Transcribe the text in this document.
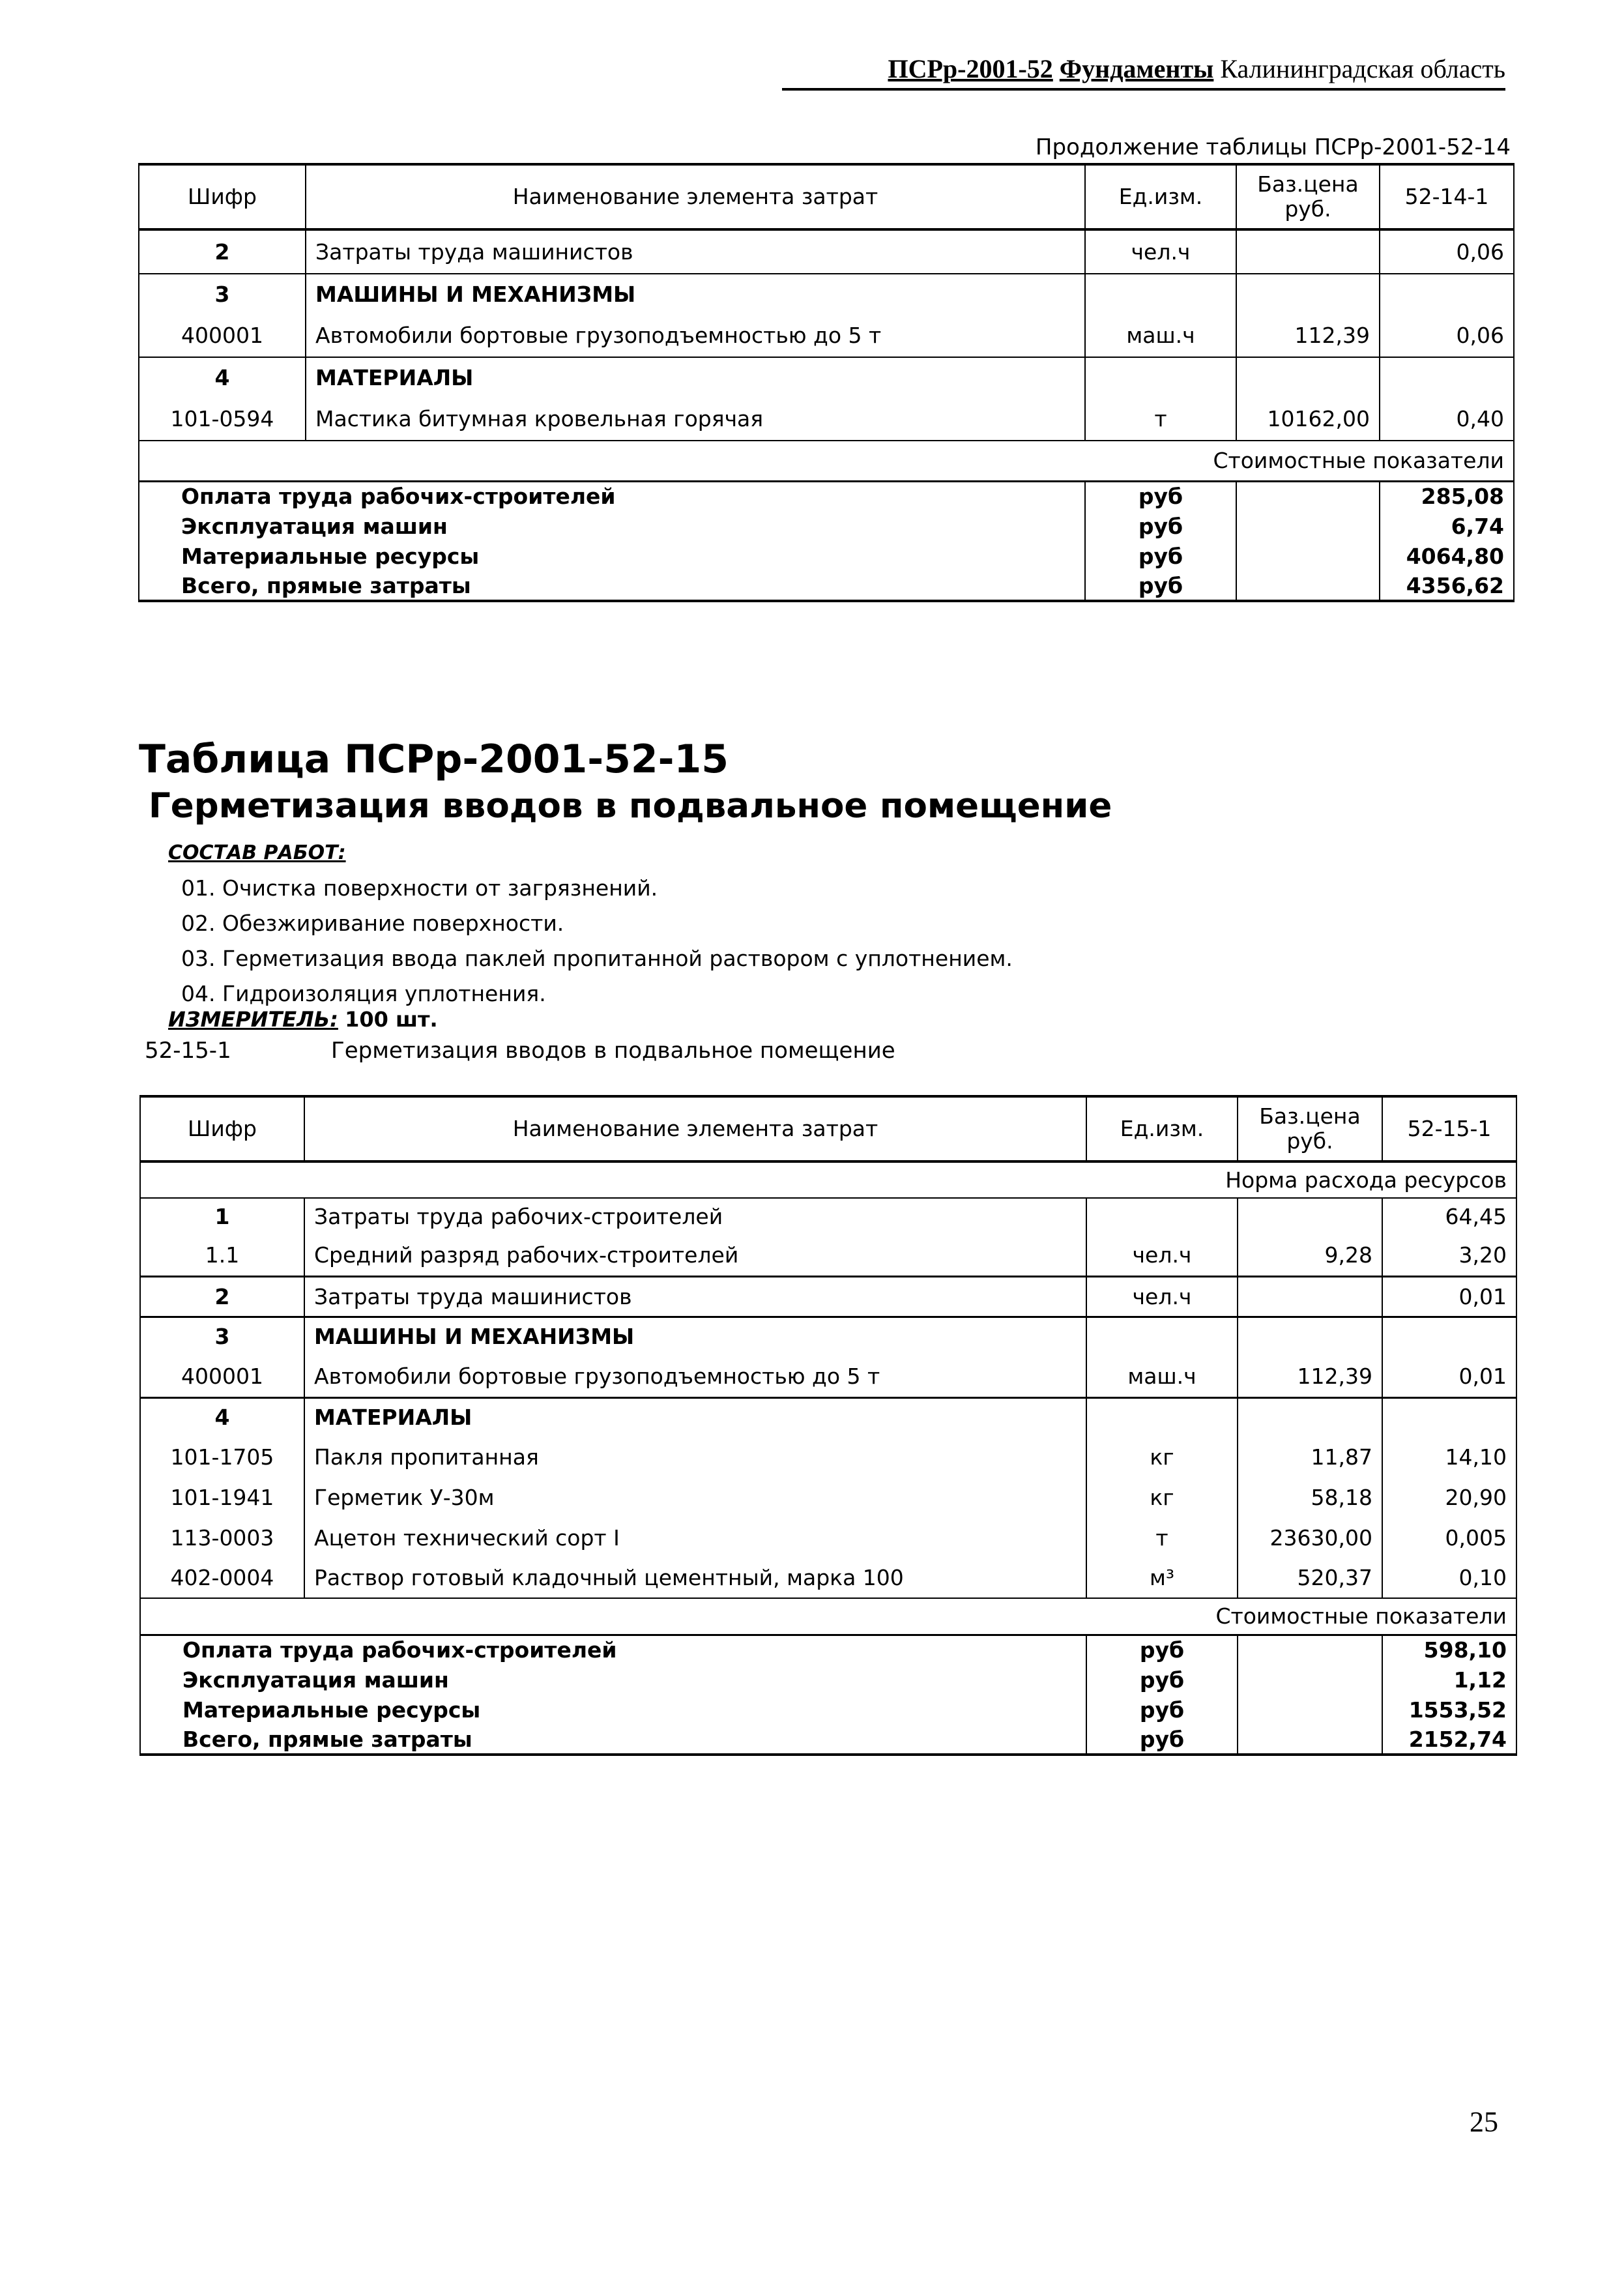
ПСРр-2001-52 Фундаменты Калининградская область
Продолжение таблицы ПСРр-2001-52-14
Шифр	Наименование элемента затрат	Ед.изм.	Баз.цена руб.	52-14-1
2	Затраты труда машинистов	чел.ч		0,06
3	МАШИНЫ И МЕХАНИЗМЫ			
400001	Автомобили бортовые грузоподъемностью до 5 т	маш.ч	112,39	0,06
4	МАТЕРИАЛЫ			
101-0594	Мастика битумная кровельная горячая	т	10162,00	0,40
Стоимостные показатели				
Оплата труда рабочих-строителей		руб		285,08
Эксплуатация машин		руб		6,74
Материальные ресурсы		руб		4064,80
Всего, прямые затраты		руб		4356,62
Таблица ПСРр-2001-52-15
Герметизация вводов в подвальное помещение
СОСТАВ РАБОТ:
01. Очистка поверхности от загрязнений.
02. Обезжиривание поверхности.
03. Герметизация ввода паклей пропитанной раствором с уплотнением.
04. Гидроизоляция уплотнения.
ИЗМЕРИТЕЛЬ: 100 шт.
52-15-1	Герметизация вводов в подвальное помещение
Шифр	Наименование элемента затрат	Ед.изм.	Баз.цена руб.	52-15-1
Норма расхода ресурсов				
1	Затраты труда рабочих-строителей			64,45
1.1	Средний разряд рабочих-строителей	чел.ч	9,28	3,20
2	Затраты труда машинистов	чел.ч		0,01
3	МАШИНЫ И МЕХАНИЗМЫ			
400001	Автомобили бортовые грузоподъемностью до 5 т	маш.ч	112,39	0,01
4	МАТЕРИАЛЫ			
101-1705	Пакля пропитанная	кг	11,87	14,10
101-1941	Герметик У-30м	кг	58,18	20,90
113-0003	Ацетон технический сорт I	т	23630,00	0,005
402-0004	Раствор готовый кладочный цементный, марка 100	м³	520,37	0,10
Стоимостные показатели				
Оплата труда рабочих-строителей		руб		598,10
Эксплуатация машин		руб		1,12
Материальные ресурсы		руб		1553,52
Всего, прямые затраты		руб		2152,74
25
